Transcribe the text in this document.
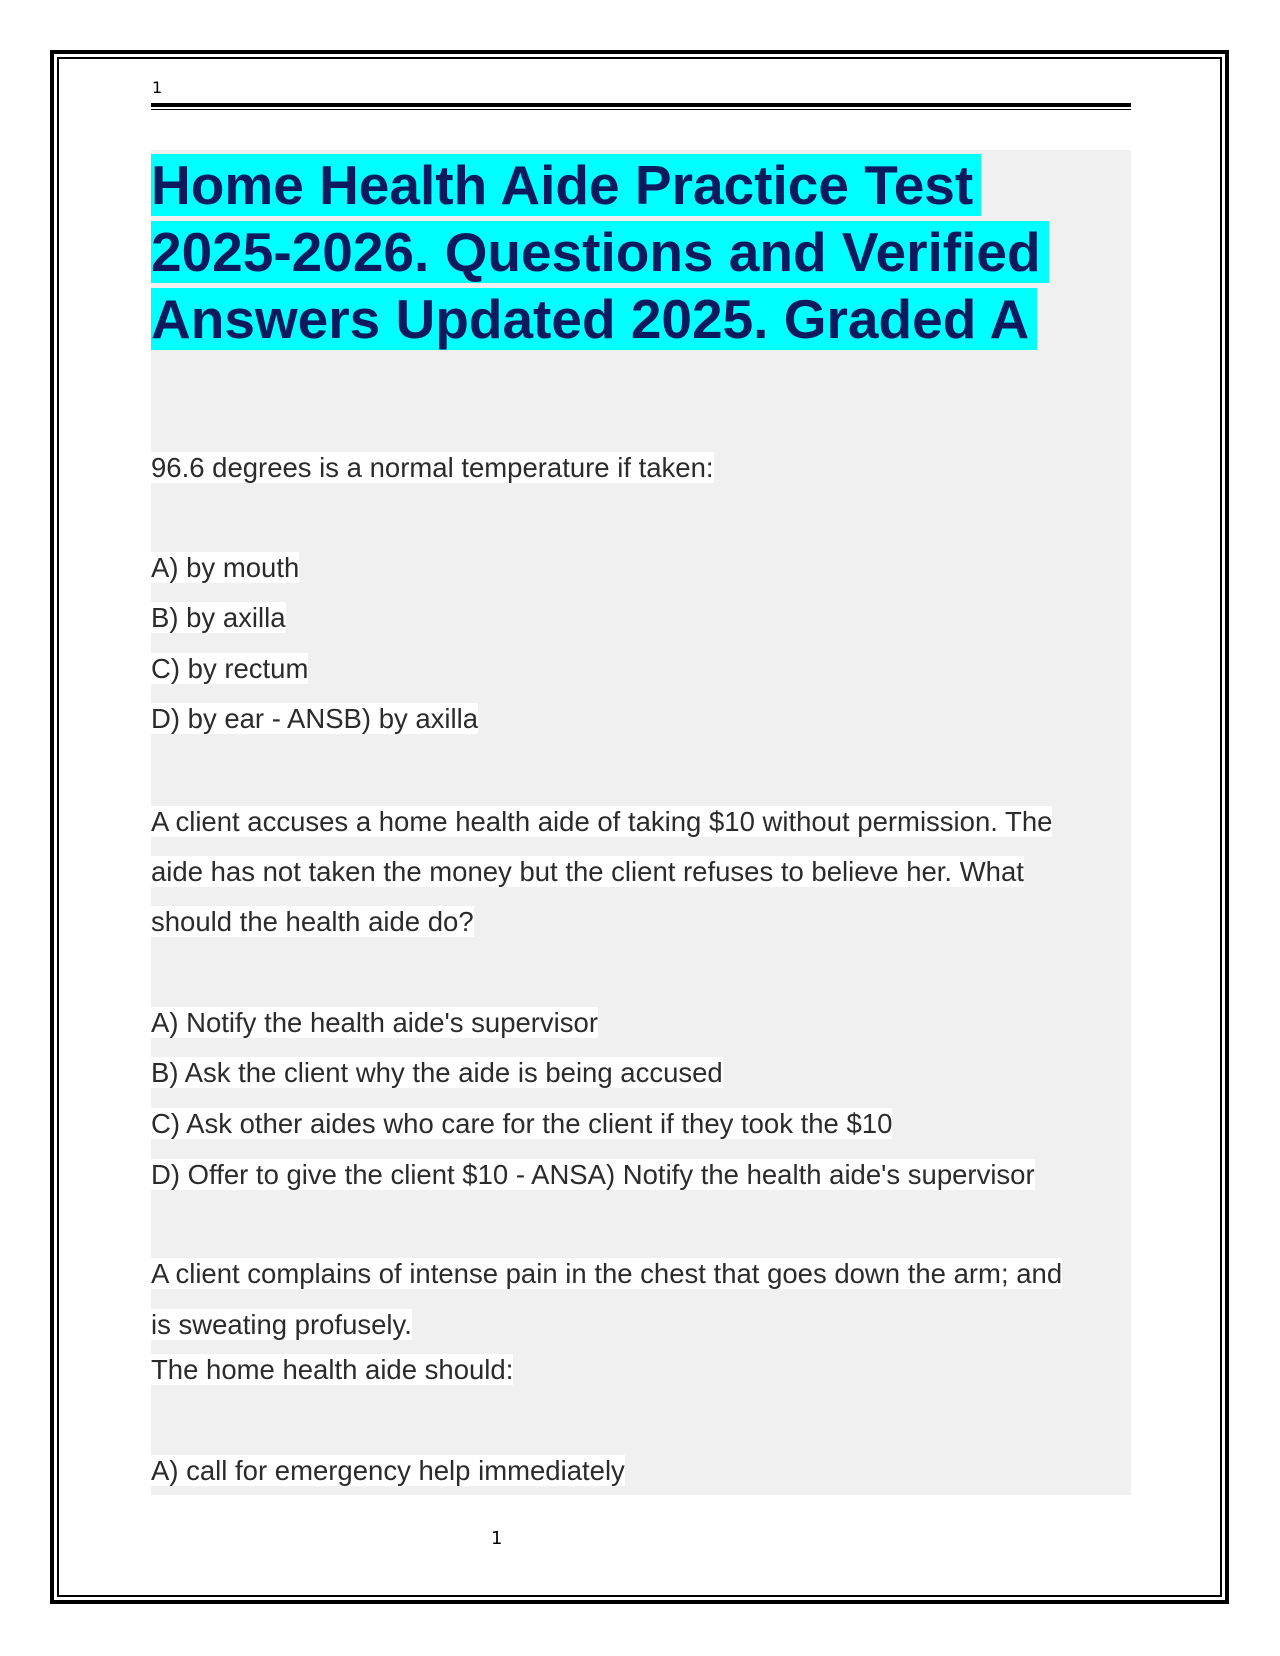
1
Home Health Aide Practice Test
2025-2026. Questions and Verified
Answers Updated 2025. Graded A
96.6 degrees is a normal temperature if taken:
A) by mouth
B) by axilla
C) by rectum
D) by ear - ANSB) by axilla
A client accuses a home health aide of taking $10 without permission. The
aide has not taken the money but the client refuses to believe her. What
should the health aide do?
A) Notify the health aide's supervisor
B) Ask the client why the aide is being accused
C) Ask other aides who care for the client if they took the $10
D) Offer to give the client $10 - ANSA) Notify the health aide's supervisor
A client complains of intense pain in the chest that goes down the arm; and
is sweating profusely.
The home health aide should:
A) call for emergency help immediately
1
